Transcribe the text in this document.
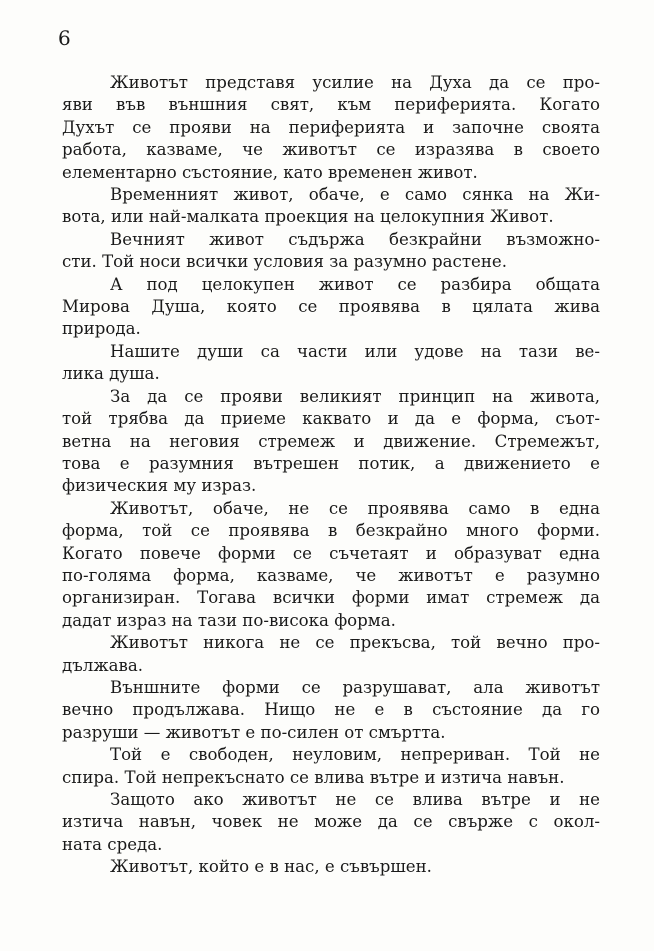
6
Животът представя усилие на Духа да се про-
яви във външния свят, към периферията. Когато
Духът се прояви на периферията и започне своята
работа, казваме, че животът се изразява в своето
елементарно състояние, като временен живот.
Временният живот, обаче, е само сянка на Жи-
вота, или най-малката проекция на целокупния Живот.
Вечният живот съдържа безкрайни възможно-
сти. Той носи всички условия за разумно растене.
А под целокупен живот се разбира общата
Мирова Душа, която се проявява в цялата жива
природа.
Нашите души са части или удове на тази ве-
лика душа.
За да се прояви великият принцип на живота,
той трябва да приеме каквато и да е форма, съот-
ветна на неговия стремеж и движение. Стремежът,
това е разумния вътрешен потик, а движението е
физическия му израз.
Животът, обаче, не се проявява само в една
форма, той се проявява в безкрайно много форми.
Когато повече форми се съчетаят и образуват една
по-голяма форма, казваме, че животът е разумно
организиран. Тогава всички форми имат стремеж да
дадат израз на тази по-висока форма.
Животът никога не се прекъсва, той вечно про-
дължава.
Външните форми се разрушават, ала животът
вечно продължава. Нищо не е в състояние да го
разруши — животът е по-силен от смъртта.
Той е свободен, неуловим, непрериван. Той не
спира. Той непрекъснато се влива вътре и изтича навън.
Защото ако животът не се влива вътре и не
изтича навън, човек не може да се свърже с окол-
ната среда.
Животът, който е в нас, е съвършен.
